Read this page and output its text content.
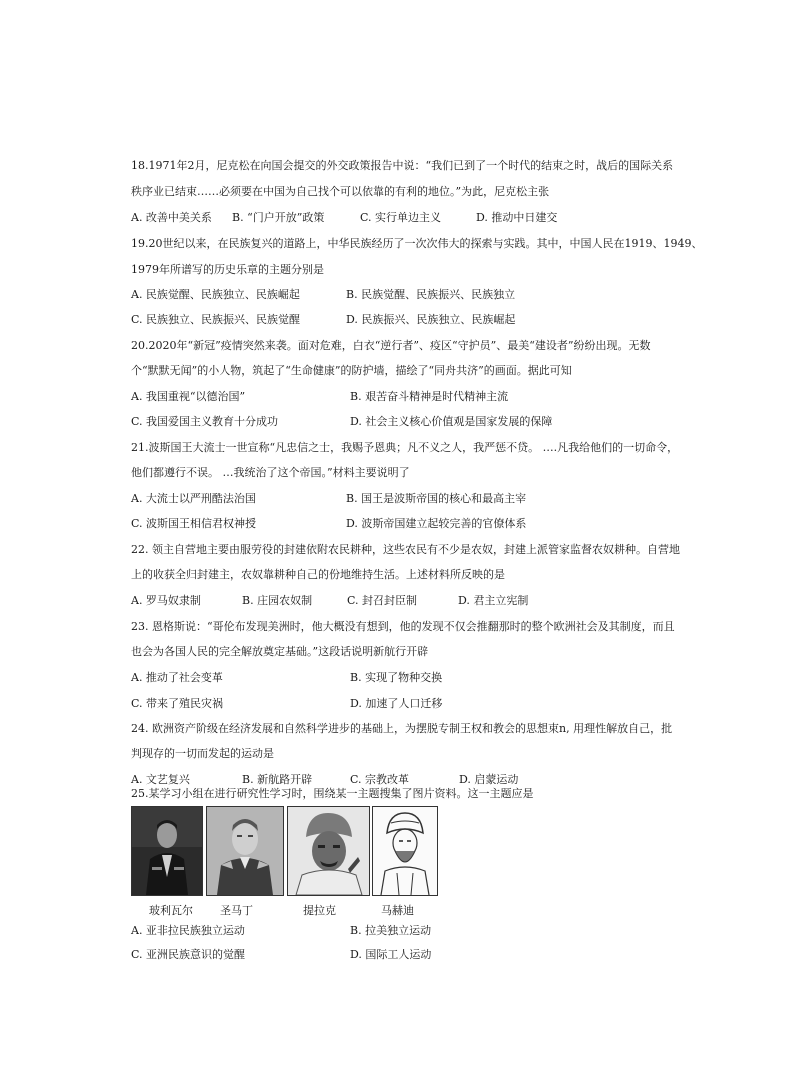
18.1971年2月，尼克松在向国会提交的外交政策报告中说：“我们已到了一个时代的结束之时，战后的国际关系
秩序业已结束……必须要在中国为自己找个可以依靠的有利的地位。”为此，尼克松主张
A. 改善中美关系 B. “门户开放”政策	C. 实行单边主义	D. 推动中日建交
19.20世纪以来，在民族复兴的道路上，中华民族经历了一次次伟大的探索与实践。其中，中国人民在1919、1949、
1979年所谱写的历史乐章的主题分别是
A. 民族觉醒、民族独立、民族崛起	B. 民族觉醒、民族振兴、民族独立
C. 民族独立、民族振兴、民族觉醒	D. 民族振兴、民族独立、民族崛起
20.2020年“新冠”疫情突然来袭。面对危难，白衣“逆行者”、疫区“守护员”、最美“建设者”纷纷出现。无数
个“默默无闻”的小人物，筑起了“生命健康”的防护墙，描绘了“同舟共济”的画面。据此可知
A. 我国重视“以德治国”	B. 艰苦奋斗精神是时代精神主流
C. 我国爱国主义教育十分成功	D. 社会主义核心价值观是国家发展的保障
21.波斯国王大流士一世宣称“凡忠信之士，我赐予恩典；凡不义之人，我严惩不贷。 ….凡我给他们的一切命令，
他们都遵行不误。 …我统治了这个帝国。”材料主要说明了
A. 大流士以严刑酷法治国	B. 国王是波斯帝国的核心和最高主宰
C. 波斯国王相信君权神授	D. 波斯帝国建立起较完善的官僚体系
22. 领主自营地主要由服劳役的封建依附农民耕种，这些农民有不少是农奴，封建上派管家监督农奴耕种。自营地
上的收获全归封建主，农奴靠耕种自己的份地维持生活。上述材料所反映的是
A. 罗马奴隶制	B. 庄园农奴制	C. 封召封臣制	D. 君主立宪制
23. 恩格斯说：“哥伦布发现美洲时，他大概没有想到，他的发现不仅会推翻那时的整个欧洲社会及其制度，而且
也会为各国人民的完全解放奠定基础。”这段话说明新航行开辟
A. 推动了社会变革	B. 实现了物种交换
C. 带来了殖民灾祸	D. 加速了人口迁移
24. 欧洲资产阶级在经济发展和自然科学进步的基础上，为摆脱专制王权和教会的思想束n, 用理性解放自己，批
判现存的一切而发起的运动是
A. 文艺复兴	B. 新航路开辟	C. 宗教改革	D. 启蒙运动
25.某学习小组在进行研究性学习时，围绕某一主题搜集了图片资料。这一主题应是
玻利瓦尔 圣马丁	提拉克	马赫迪
A. 亚非拉民族独立运动	B. 拉美独立运动
C. 亚洲民族意识的觉醒	D. 国际工人运动
